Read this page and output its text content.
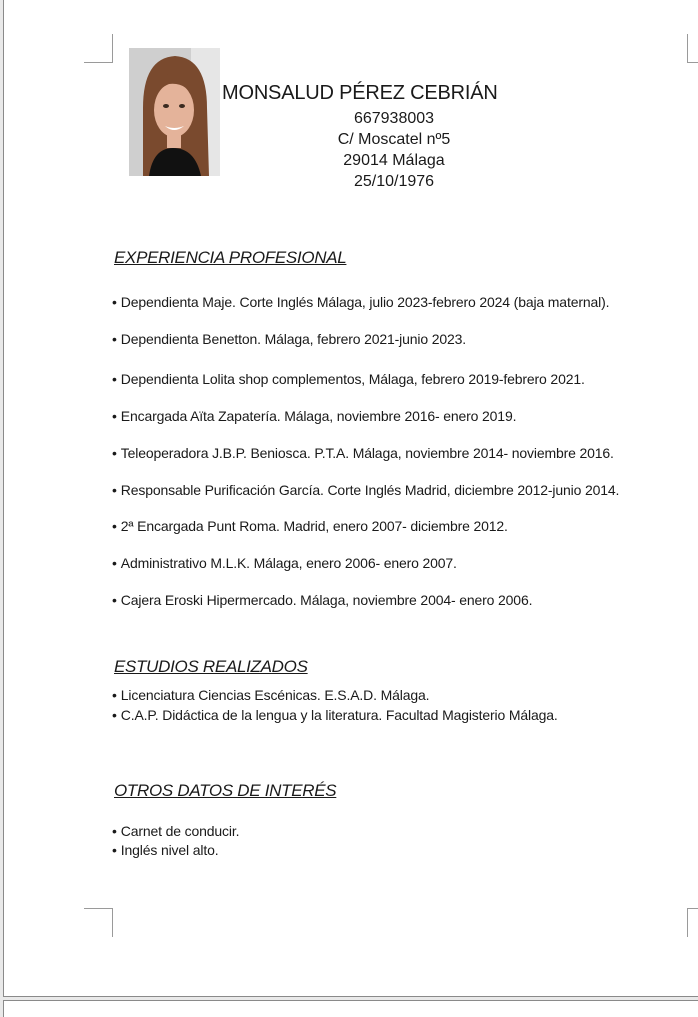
MONSALUD PÉREZ CEBRIÁN
667938003
C/ Moscatel nº5
29014 Málaga
25/10/1976
EXPERIENCIA PROFESIONAL
• Dependienta Maje. Corte Inglés Málaga, julio 2023-febrero 2024 (baja maternal).
• Dependienta Benetton. Málaga, febrero 2021-junio 2023.
• Dependienta Lolita shop complementos, Málaga, febrero 2019-febrero 2021.
• Encargada Aïta Zapatería. Málaga, noviembre 2016- enero 2019.
• Teleoperadora J.B.P. Beniosca. P.T.A. Málaga, noviembre 2014- noviembre 2016.
• Responsable Purificación García. Corte Inglés Madrid, diciembre 2012-junio 2014.
• 2ª Encargada Punt Roma. Madrid, enero 2007- diciembre 2012.
• Administrativo M.L.K. Málaga, enero 2006- enero 2007.
• Cajera Eroski Hipermercado. Málaga, noviembre 2004- enero 2006.
ESTUDIOS REALIZADOS
• Licenciatura Ciencias Escénicas. E.S.A.D. Málaga.
• C.A.P. Didáctica de la lengua y la literatura. Facultad Magisterio Málaga.
OTROS DATOS DE INTERÉS
• Carnet de conducir.
• Inglés nivel alto.
